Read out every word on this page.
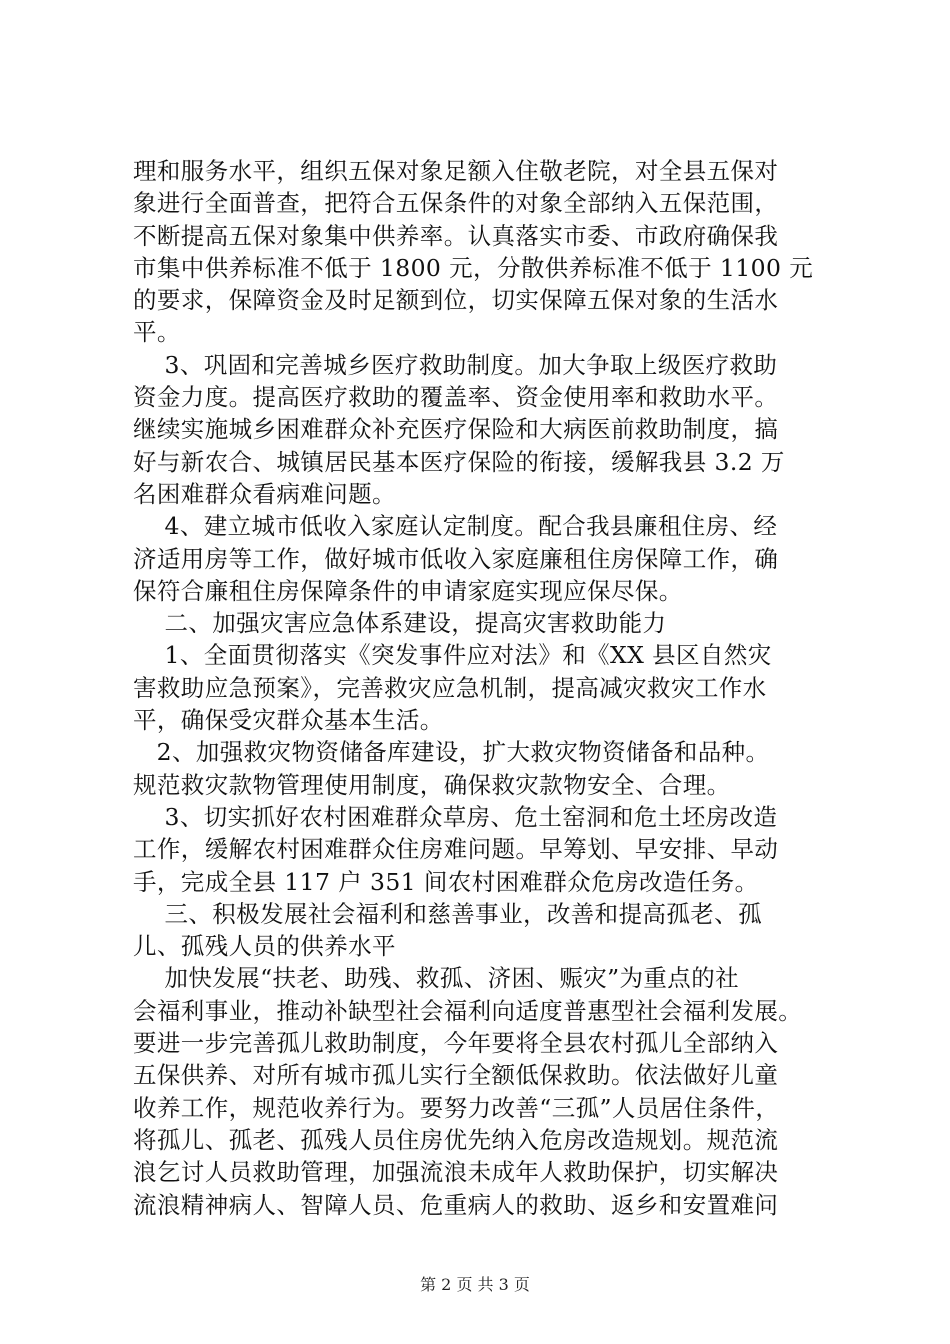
理和服务水平，组织五保对象足额入住敬老院，对全县五保对
象进行全面普查，把符合五保条件的对象全部纳入五保范围，
不断提高五保对象集中供养率。认真落实市委、市政府确保我
市集中供养标准不低于 1800 元，分散供养标准不低于 1100 元
的要求，保障资金及时足额到位，切实保障五保对象的生活水
平。
3、巩固和完善城乡医疗救助制度。加大争取上级医疗救助
资金力度。提高医疗救助的覆盖率、资金使用率和救助水平。
继续实施城乡困难群众补充医疗保险和大病医前救助制度，搞
好与新农合、城镇居民基本医疗保险的衔接，缓解我县 3.2 万
名困难群众看病难问题。
4、建立城市低收入家庭认定制度。配合我县廉租住房、经
济适用房等工作，做好城市低收入家庭廉租住房保障工作，确
保符合廉租住房保障条件的申请家庭实现应保尽保。
二、加强灾害应急体系建设，提高灾害救助能力
1、全面贯彻落实《突发事件应对法》和《XX 县区自然灾
害救助应急预案》，完善救灾应急机制，提高减灾救灾工作水
平，确保受灾群众基本生活。
2、加强救灾物资储备库建设，扩大救灾物资储备和品种。
规范救灾款物管理使用制度，确保救灾款物安全、合理。
3、切实抓好农村困难群众草房、危土窑洞和危土坯房改造
工作，缓解农村困难群众住房难问题。早筹划、早安排、早动
手，完成全县 117 户 351 间农村困难群众危房改造任务。
三、积极发展社会福利和慈善事业，改善和提高孤老、孤
儿、孤残人员的供养水平
加快发展“扶老、助残、救孤、济困、赈灾”为重点的社
会福利事业，推动补缺型社会福利向适度普惠型社会福利发展。
要进一步完善孤儿救助制度，今年要将全县农村孤儿全部纳入
五保供养、对所有城市孤儿实行全额低保救助。依法做好儿童
收养工作，规范收养行为。要努力改善“三孤”人员居住条件，
将孤儿、孤老、孤残人员住房优先纳入危房改造规划。规范流
浪乞讨人员救助管理，加强流浪未成年人救助保护，切实解决
流浪精神病人、智障人员、危重病人的救助、返乡和安置难问
第 2 页 共 3 页
